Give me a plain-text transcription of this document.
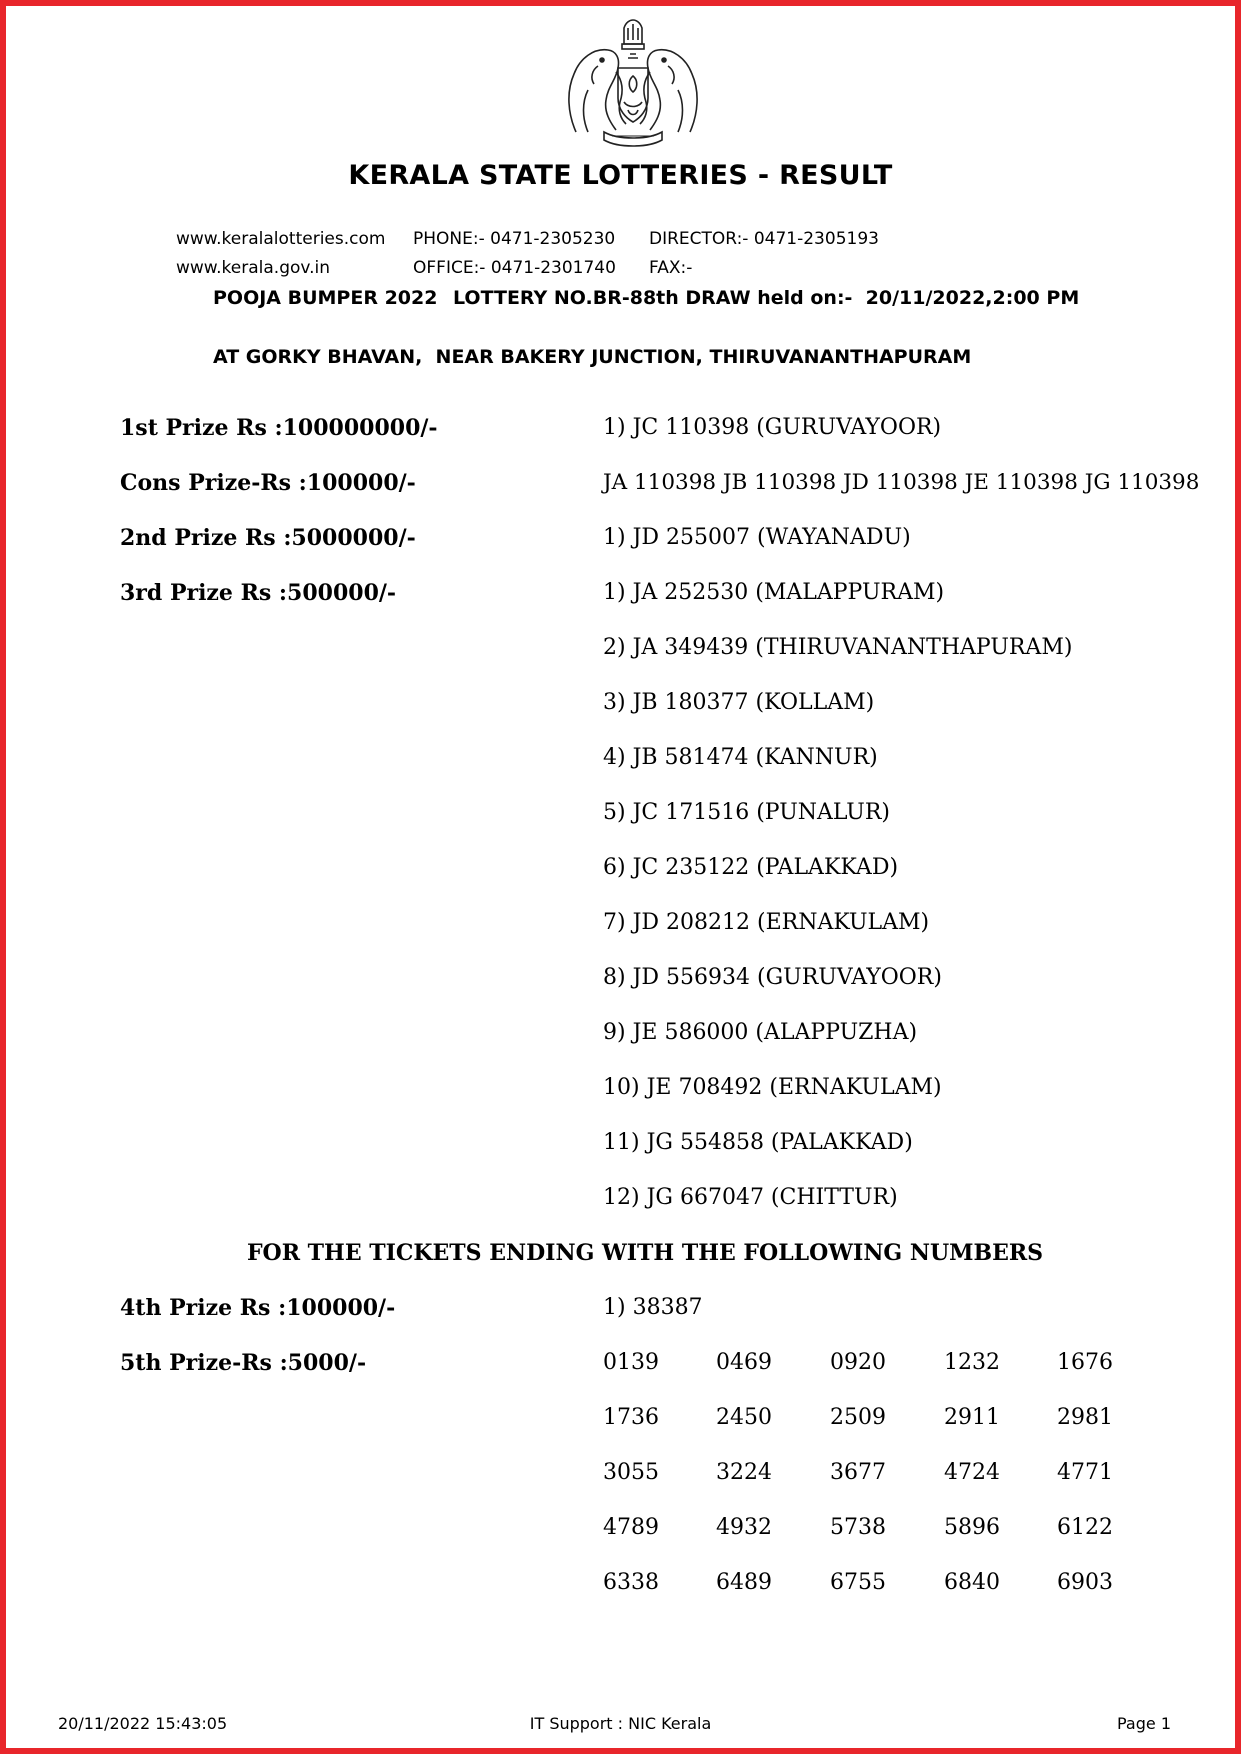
KERALA STATE LOTTERIES - RESULT
www.keralalotteries.com PHONE:- 0471-2305230 DIRECTOR:- 0471-2305193
www.kerala.gov.in	OFFICE:- 0471-2301740 FAX:-
POOJA BUMPER 2022 LOTTERY NO.BR-88th DRAW held on:-  20/11/2022,2:00 PM
AT GORKY BHAVAN,  NEAR BAKERY JUNCTION, THIRUVANANTHAPURAM
1st Prize Rs :100000000/-	1) JC 110398 (GURUVAYOOR)
Cons Prize-Rs :100000/-	JA 110398 JB 110398 JD 110398 JE 110398 JG 110398
2nd Prize Rs :5000000/-	1) JD 255007 (WAYANADU)
3rd Prize Rs :500000/-	1) JA 252530 (MALAPPURAM)
2) JA 349439 (THIRUVANANTHAPURAM)
3) JB 180377 (KOLLAM)
4) JB 581474 (KANNUR)
5) JC 171516 (PUNALUR)
6) JC 235122 (PALAKKAD)
7) JD 208212 (ERNAKULAM)
8) JD 556934 (GURUVAYOOR)
9) JE 586000 (ALAPPUZHA)
10) JE 708492 (ERNAKULAM)
11) JG 554858 (PALAKKAD)
12) JG 667047 (CHITTUR)
FOR THE TICKETS ENDING WITH THE FOLLOWING NUMBERS
4th Prize Rs :100000/-	1) 38387
5th Prize-Rs :5000/-	0139	0469	0920	1232	1676
1736	2450	2509	2911	2981
3055	3224	3677	4724	4771
4789	4932	5738	5896	6122
6338	6489	6755	6840	6903
20/11/2022 15:43:05	IT Support : NIC Kerala	Page 1
